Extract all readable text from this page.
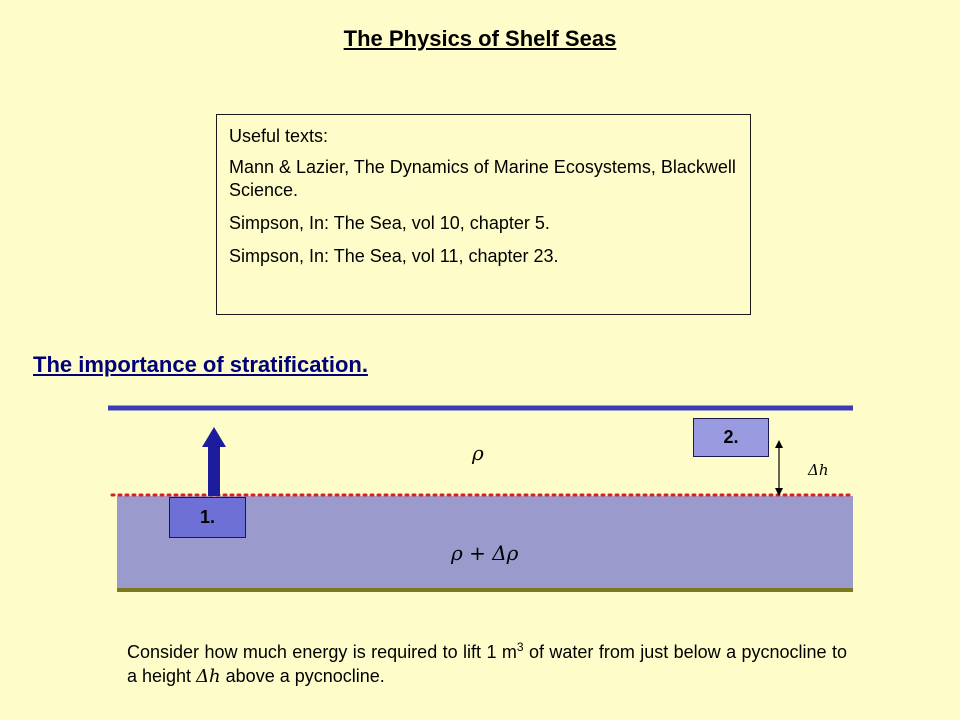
The Physics of Shelf Seas

Useful texts:

Mann & Lazier, The Dynamics of Marine Ecosystems, Blackwell Science.

Simpson, In: The Sea, vol 10, chapter 5.

Simpson, In: The Sea, vol 11, chapter 23.

The importance of stratification.
1.
2.
ρ
ρ + Δρ
Δh
Consider how much energy is required to lift 1 $m^3$ of water from just below a pycnocline to a height Δh above a pycnocline.
